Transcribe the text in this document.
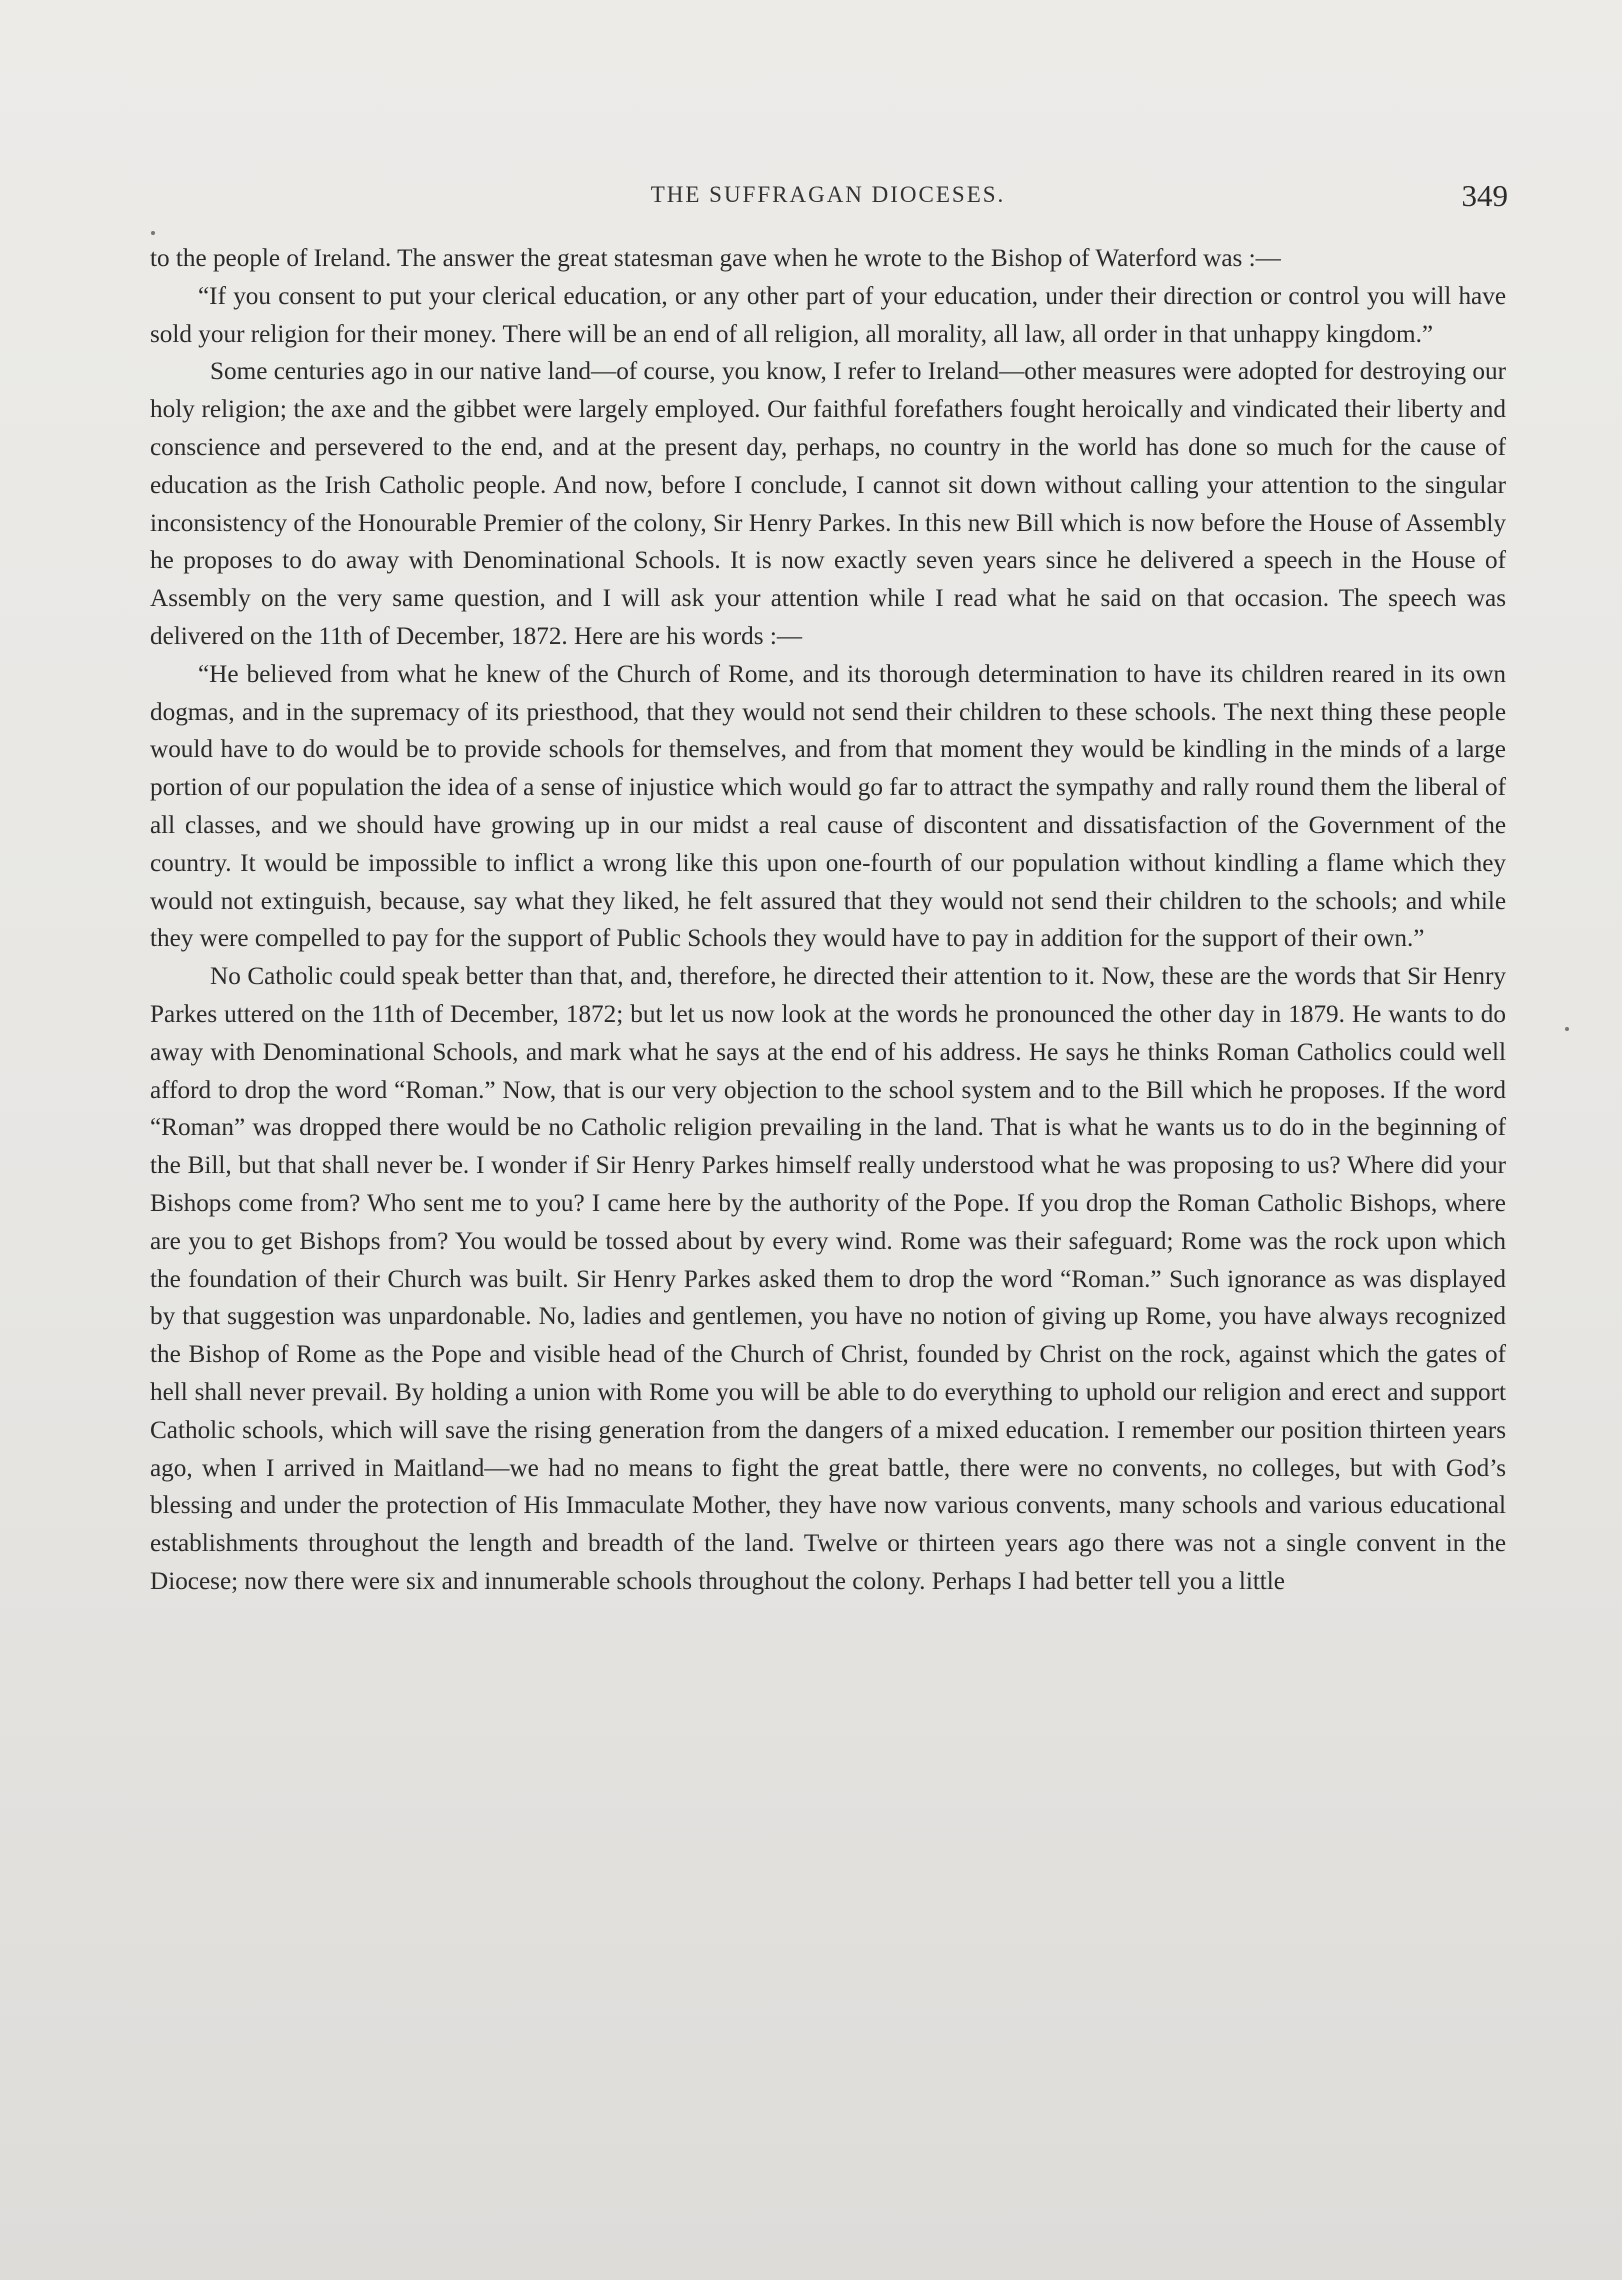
THE SUFFRAGAN DIOCESES.	349

to the people of Ireland. The answer the great statesman gave when he wrote to the Bishop of Waterford was :—

“If you consent to put your clerical education, or any other part of your education, under their direction or control you will have sold your religion for their money. There will be an end of all religion, all morality, all law, all order in that unhappy kingdom.”

Some centuries ago in our native land—of course, you know, I refer to Ireland—other measures were adopted for destroying our holy religion; the axe and the gibbet were largely employed. Our faithful forefathers fought heroically and vindicated their liberty and conscience and persevered to the end, and at the present day, perhaps, no country in the world has done so much for the cause of education as the Irish Catholic people. And now, before I conclude, I cannot sit down without calling your attention to the singular inconsistency of the Honourable Premier of the colony, Sir Henry Parkes. In this new Bill which is now before the House of Assembly he proposes to do away with Denominational Schools. It is now exactly seven years since he delivered a speech in the House of Assembly on the very same question, and I will ask your attention while I read what he said on that occasion. The speech was delivered on the 11th of December, 1872. Here are his words :—

“He believed from what he knew of the Church of Rome, and its thorough determination to have its children reared in its own dogmas, and in the supremacy of its priesthood, that they would not send their children to these schools. The next thing these people would have to do would be to provide schools for themselves, and from that moment they would be kindling in the minds of a large portion of our population the idea of a sense of injustice which would go far to attract the sympathy and rally round them the liberal of all classes, and we should have growing up in our midst a real cause of discontent and dissatisfaction of the Government of the country. It would be impossible to inflict a wrong like this upon one-fourth of our population without kindling a flame which they would not extinguish, because, say what they liked, he felt assured that they would not send their children to the schools; and while they were compelled to pay for the support of Public Schools they would have to pay in addition for the support of their own.”

No Catholic could speak better than that, and, therefore, he directed their attention to it. Now, these are the words that Sir Henry Parkes uttered on the 11th of December, 1872; but let us now look at the words he pronounced the other day in 1879. He wants to do away with Denominational Schools, and mark what he says at the end of his address. He says he thinks Roman Catholics could well afford to drop the word “Roman.” Now, that is our very objection to the school system and to the Bill which he proposes. If the word “Roman” was dropped there would be no Catholic religion prevailing in the land. That is what he wants us to do in the beginning of the Bill, but that shall never be. I wonder if Sir Henry Parkes himself really understood what he was proposing to us? Where did your Bishops come from? Who sent me to you? I came here by the authority of the Pope. If you drop the Roman Catholic Bishops, where are you to get Bishops from? You would be tossed about by every wind. Rome was their safeguard; Rome was the rock upon which the foundation of their Church was built. Sir Henry Parkes asked them to drop the word “Roman.” Such ignorance as was displayed by that suggestion was unpardonable. No, ladies and gentlemen, you have no notion of giving up Rome, you have always recognized the Bishop of Rome as the Pope and visible head of the Church of Christ, founded by Christ on the rock, against which the gates of hell shall never prevail. By holding a union with Rome you will be able to do everything to uphold our religion and erect and support Catholic schools, which will save the rising generation from the dangers of a mixed education. I remember our position thirteen years ago, when I arrived in Maitland—we had no means to fight the great battle, there were no convents, no colleges, but with God’s blessing and under the protection of His Immaculate Mother, they have now various convents, many schools and various educational establishments throughout the length and breadth of the land. Twelve or thirteen years ago there was not a single convent in the Diocese; now there were six and innumerable schools throughout the colony. Perhaps I had better tell you a little
